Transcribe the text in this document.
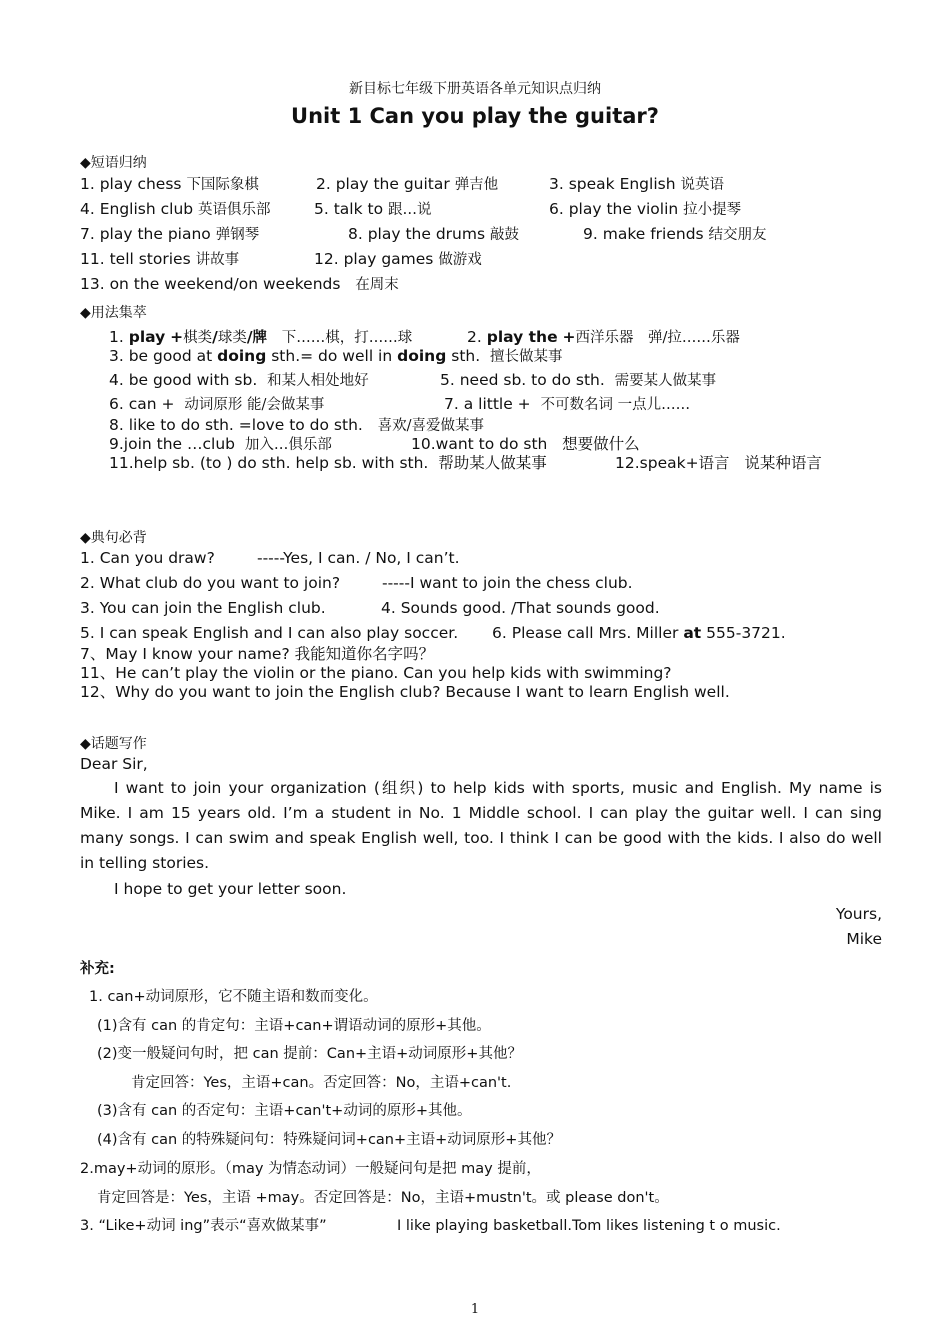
新目标七年级下册英语各单元知识点归纳
Unit 1 Can you play the guitar?
◆短语归纳
1. play chess 下国际象棋	2. play the guitar 弹吉他	3. speak English 说英语
4. English club 英语俱乐部	5. talk to 跟…说	6. play the violin 拉小提琴
7. play the piano 弹钢琴	8. play the drums 敲鼓	9. make friends 结交朋友
11. tell stories 讲故事	12. play games 做游戏
13. on the weekend/on weekends 在周末
◆用法集萃
1. play +棋类/球类/牌 下……棋，打……球	2. play the +西洋乐器　弹/拉……乐器
3. be good at doing sth.= do well in doing sth. 擅长做某事
4. be good with sb. 和某人相处地好	5. need sb. to do sth. 需要某人做某事
6. can + 动词原形 能/会做某事	7. a little + 不可数名词 一点儿……
8. like to do sth. =love to do sth. 喜欢/喜爱做某事
9.join the …club 加入…俱乐部	10.want to do sth 想要做什么
11.help sb. (to ) do sth. help sb. with sth. 帮助某人做某事	12.speak+语言 说某种语言
◆典句必背
1. Can you draw?	-----Yes, I can. / No, I can’t.
2. What club do you want to join?	-----I want to join the chess club.
3. You can join the English club.	4. Sounds good. /That sounds good.
5. I can speak English and I can also play soccer. 6. Please call Mrs. Miller at 555-3721.
7、May I know your name? 我能知道你名字吗？
11、He can’t play the violin or the piano. Can you help kids with swimming?
12、Why do you want to join the English club? Because I want to learn English well.
◆话题写作
Dear Sir,
I want to join your organization (组织) to help kids with sports, music and English. My name is Mike. I am 15 years old. I’m a student in No. 1 Middle school. I can play the guitar well. I can sing many songs. I can swim and speak English well, too. I think I can be good with the kids. I also do well in telling stories.
I hope to get your letter soon.
Yours,
Mike
补充:
1. can+动词原形，它不随主语和数而变化。
(1)含有 can 的肯定句：主语+can+谓语动词的原形+其他。
(2)变一般疑问句时，把 can 提前：Can+主语+动词原形+其他？
肯定回答：Yes，主语+can。否定回答：No，主语+can't.
(3)含有 can 的否定句：主语+can't+动词的原形+其他。
(4)含有 can 的特殊疑问句：特殊疑问词+can+主语+动词原形+其他？
2.may+动词的原形。（may 为情态动词）一般疑问句是把 may 提前，
肯定回答是：Yes，主语 +may。否定回答是：No，主语+mustn't。或 please don't。
3. “Like+动词 ing”表示“喜欢做某事”	I like playing basketball.Tom likes listening t o music.
1
